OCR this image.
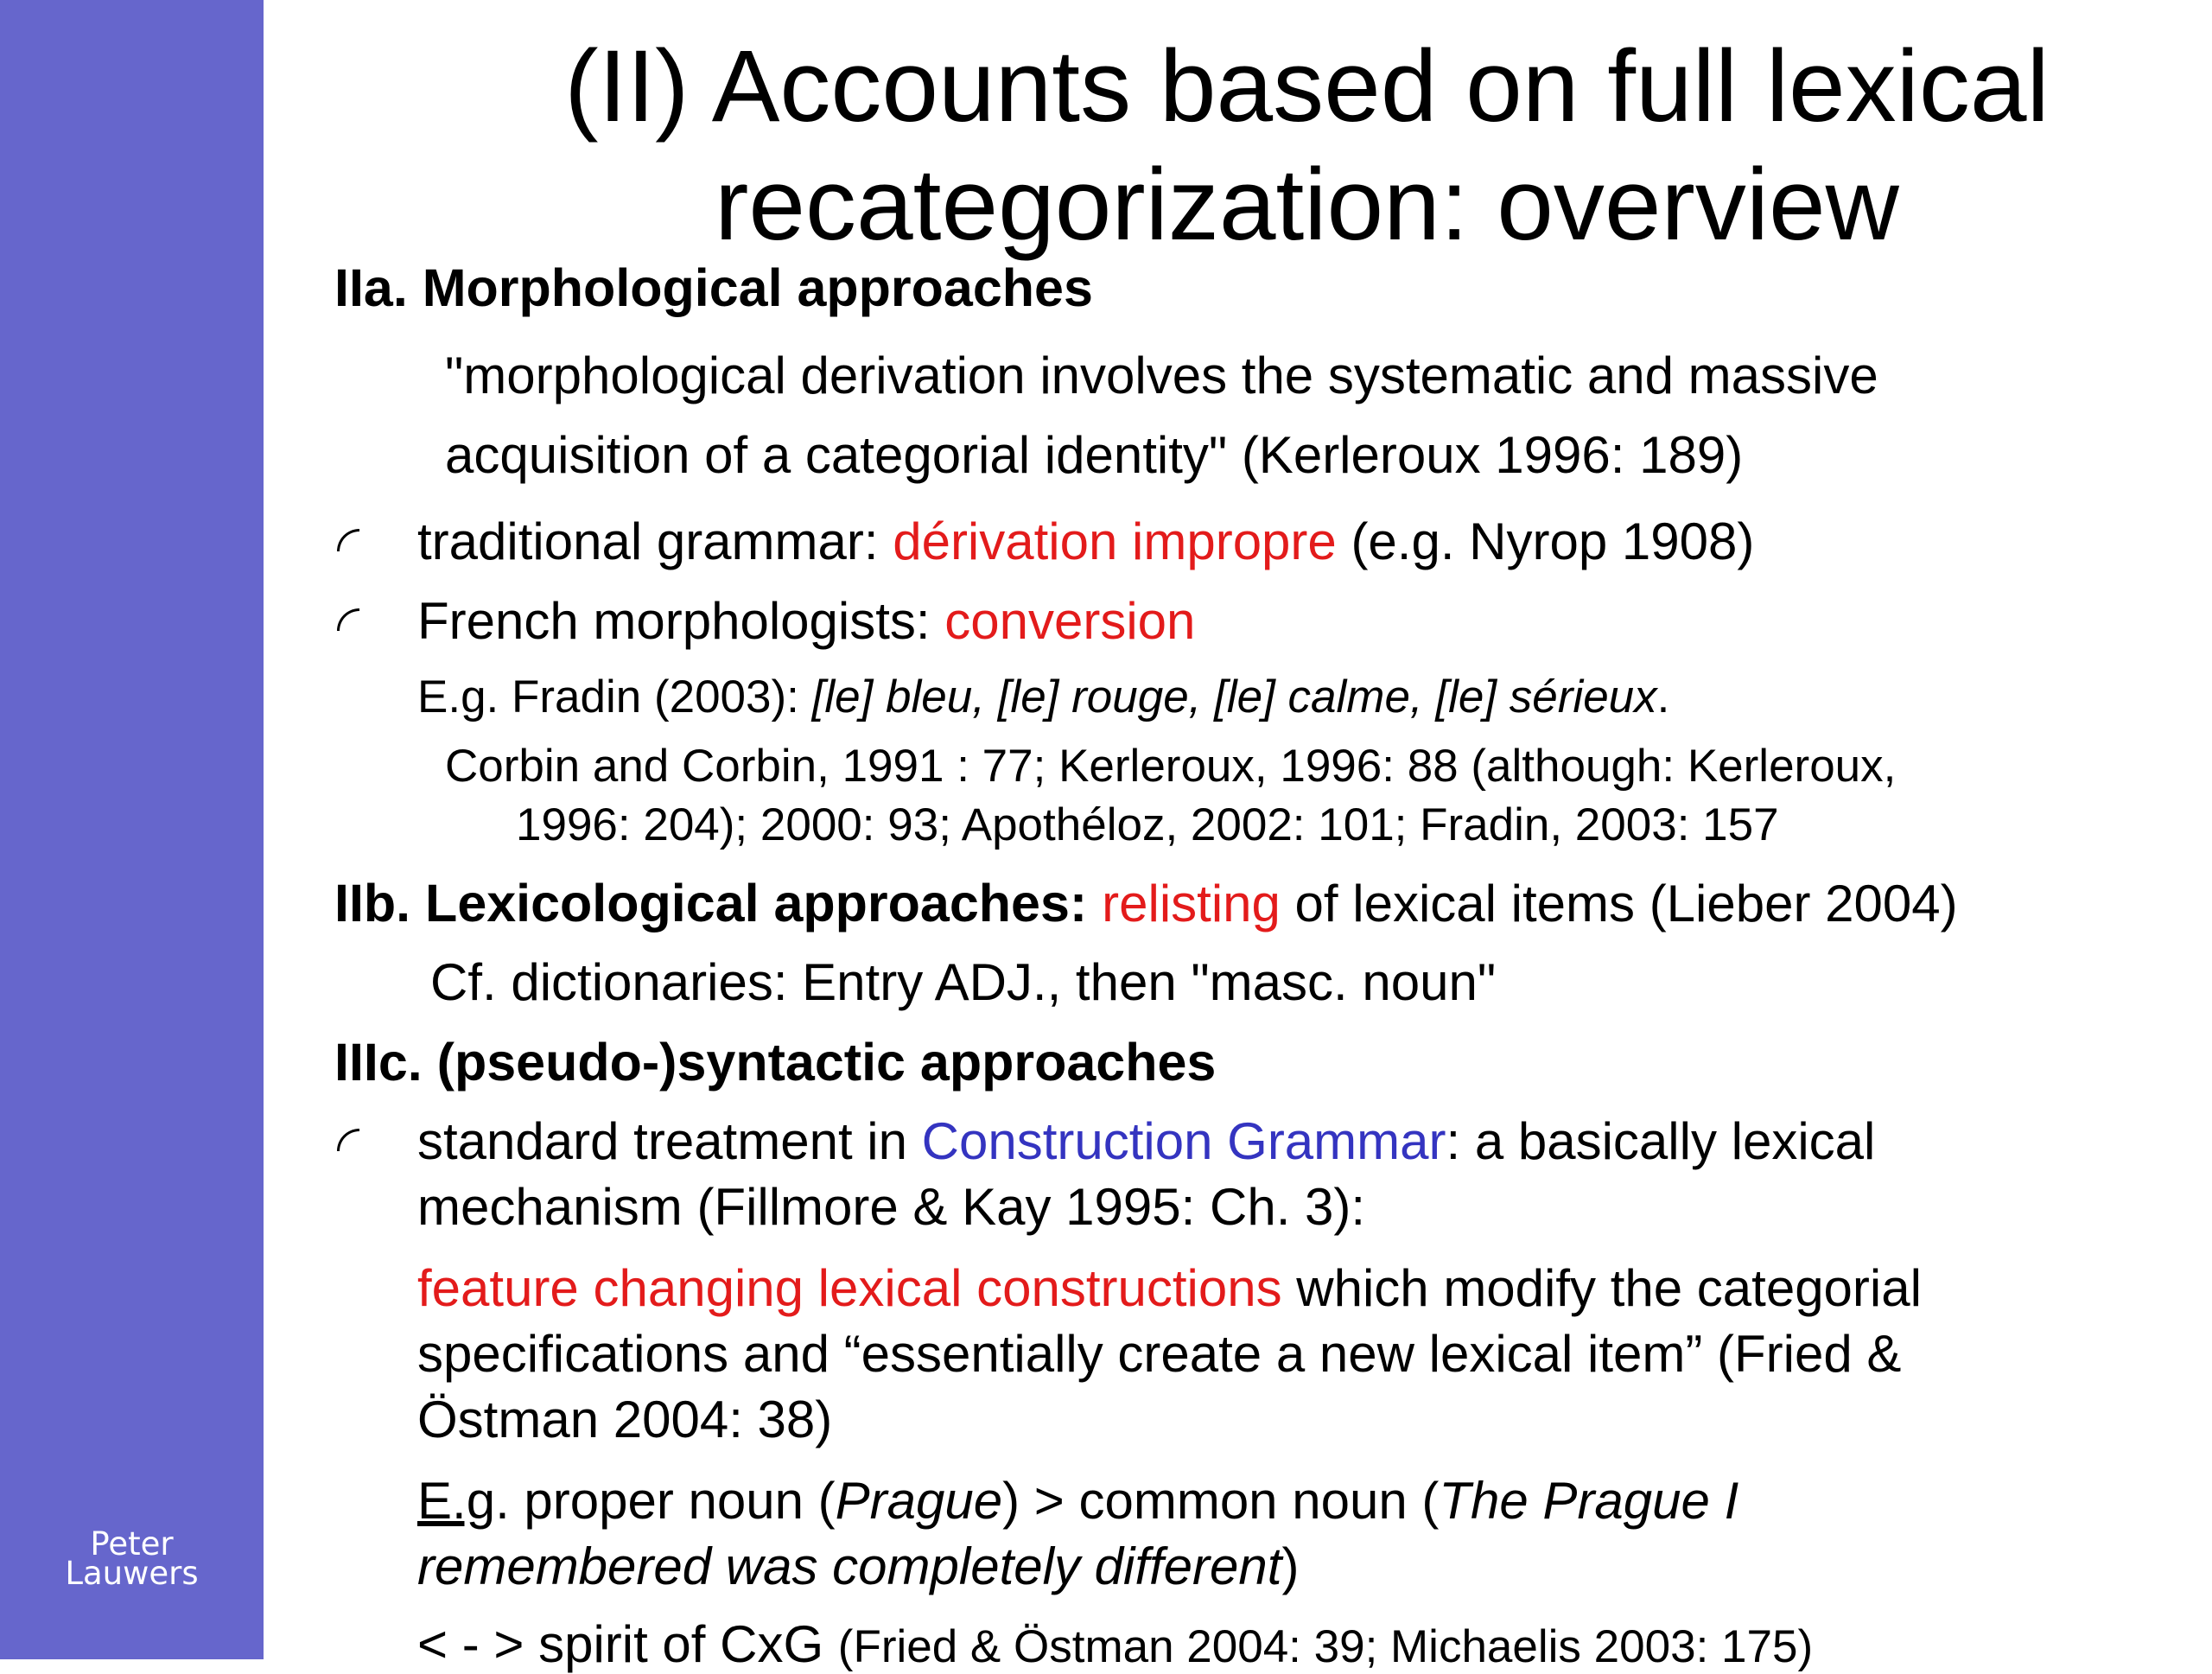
Peter
Lauwers
(II) Accounts based on full lexical
recategorization: overview
IIa. Morphological approaches
"morphological derivation involves the systematic and massive
acquisition of a categorial identity" (Kerleroux 1996: 189)
traditional grammar: dérivation impropre (e.g. Nyrop 1908)
French morphologists: conversion
E.g. Fradin (2003): [le] bleu, [le] rouge, [le] calme, [le] sérieux.
Corbin and Corbin, 1991 : 77; Kerleroux, 1996: 88 (although: Kerleroux,
1996: 204); 2000: 93; Apothéloz, 2002: 101; Fradin, 2003: 157
IIb. Lexicological approaches: relisting of lexical items (Lieber 2004)
Cf. dictionaries: Entry ADJ., then "masc. noun"
IIIc. (pseudo-)syntactic approaches
standard treatment in Construction Grammar: a basically lexical
mechanism (Fillmore & Kay 1995: Ch. 3):
feature changing lexical constructions which modify the categorial
specifications and “essentially create a new lexical item” (Fried &
Östman 2004: 38)
E.g. proper noun (Prague) > common noun (The Prague I
remembered was completely different)
< - > spirit of CxG (Fried & Östman 2004: 39; Michaelis 2003: 175)
